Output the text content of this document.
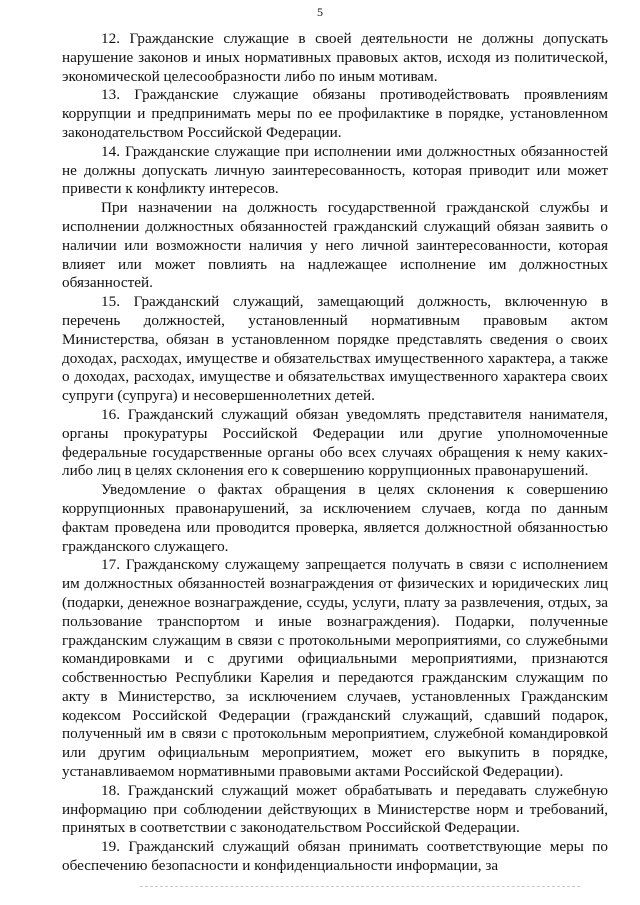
5

12. Гражданские служащие в своей деятельности не должны допускать нарушение законов и иных нормативных правовых актов, исходя из политической, экономической целесообразности либо по иным мотивам.

13. Гражданские служащие обязаны противодействовать проявлениям коррупции и предпринимать меры по ее профилактике в порядке, установленном законодательством Российской Федерации.

14. Гражданские служащие при исполнении ими должностных обязанностей не должны допускать личную заинтересованность, которая приводит или может привести к конфликту интересов.

При назначении на должность государственной гражданской службы и исполнении должностных обязанностей гражданский служащий обязан заявить о наличии или возможности наличия у него личной заинтересованности, которая влияет или может повлиять на надлежащее исполнение им должностных обязанностей.

15. Гражданский служащий, замещающий должность, включенную в перечень должностей, установленный нормативным правовым актом Министерства, обязан в установленном порядке представлять сведения о своих доходах, расходах, имуществе и обязательствах имущественного характера, а также о доходах, расходах, имуществе и обязательствах имущественного характера своих супруги (супруга) и несовершеннолетних детей.

16. Гражданский служащий обязан уведомлять представителя нанимателя, органы прокуратуры Российской Федерации или другие уполномоченные федеральные государственные органы обо всех случаях обращения к нему каких-либо лиц в целях склонения его к совершению коррупционных правонарушений.

Уведомление о фактах обращения в целях склонения к совершению коррупционных правонарушений, за исключением случаев, когда по данным фактам проведена или проводится проверка, является должностной обязанностью гражданского служащего.

17. Гражданскому служащему запрещается получать в связи с исполнением им должностных обязанностей вознаграждения от физических и юридических лиц (подарки, денежное вознаграждение, ссуды, услуги, плату за развлечения, отдых, за пользование транспортом и иные вознаграждения). Подарки, полученные гражданским служащим в связи с протокольными мероприятиями, со служебными командировками и с другими официальными мероприятиями, признаются собственностью Республики Карелия и передаются гражданским служащим по акту в Министерство, за исключением случаев, установленных Гражданским кодексом Российской Федерации (гражданский служащий, сдавший подарок, полученный им в связи с протокольным мероприятием, служебной командировкой или другим официальным мероприятием, может его выкупить в порядке, устанавливаемом нормативными правовыми актами Российской Федерации).

18. Гражданский служащий может обрабатывать и передавать служебную информацию при соблюдении действующих в Министерстве норм и требований, принятых в соответствии с законодательством Российской Федерации.

19. Гражданский служащий обязан принимать соответствующие меры по обеспечению безопасности и конфиденциальности информации, за
